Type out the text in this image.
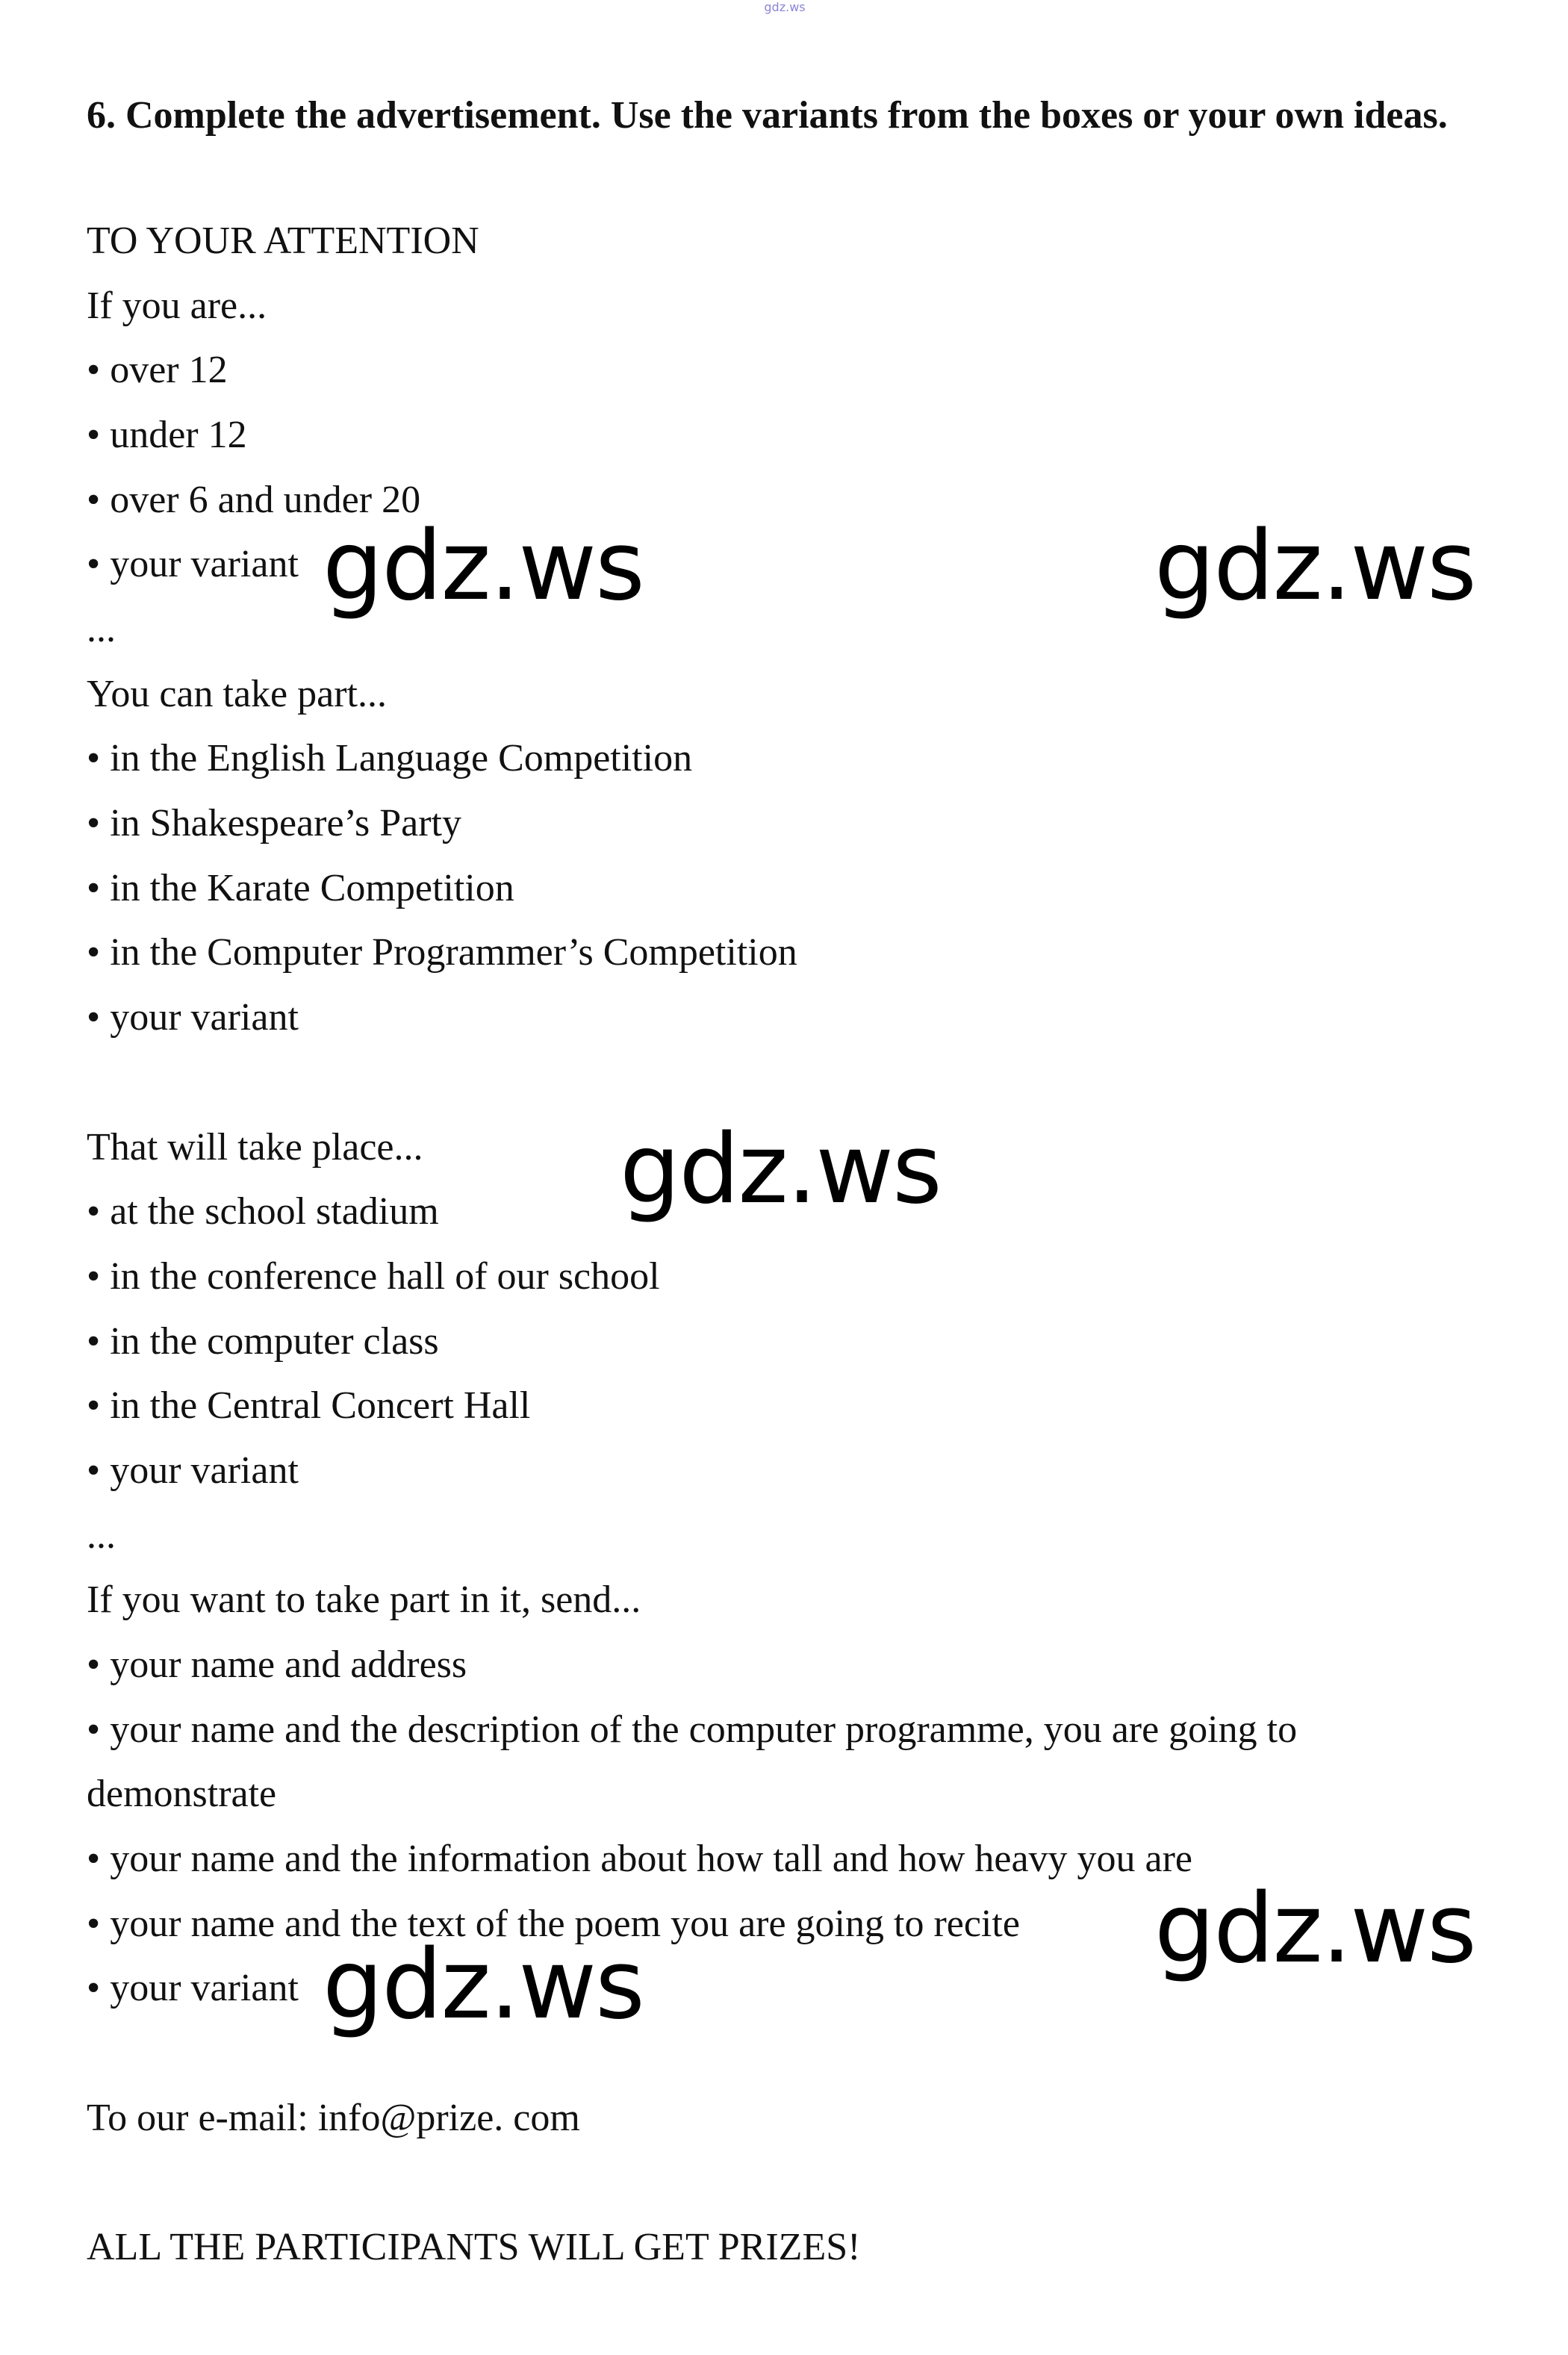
gdz.ws
6. Complete the advertisement. Use the variants from the boxes or your own ideas.
TO YOUR ATTENTION
If you are...
• over 12
• under 12
• over 6 and under 20
• your variant
...
You can take part...
• in the English Language Competition
• in Shakespeare’s Party
• in the Karate Competition
• in the Computer Programmer’s Competition
• your variant
That will take place...
• at the school stadium
• in the conference hall of our school
• in the computer class
• in the Central Concert Hall
• your variant
...
If you want to take part in it, send...
• your name and address
• your name and the description of the computer programme, you are going to demonstrate
• your name and the information about how tall and how heavy you are
• your name and the text of the poem you are going to recite
• your variant
To our e-mail: info@prize. com
ALL THE PARTICIPANTS WILL GET PRIZES!
gdz.ws	gdz.ws
gdz.ws
gdz.ws
gdz.ws
